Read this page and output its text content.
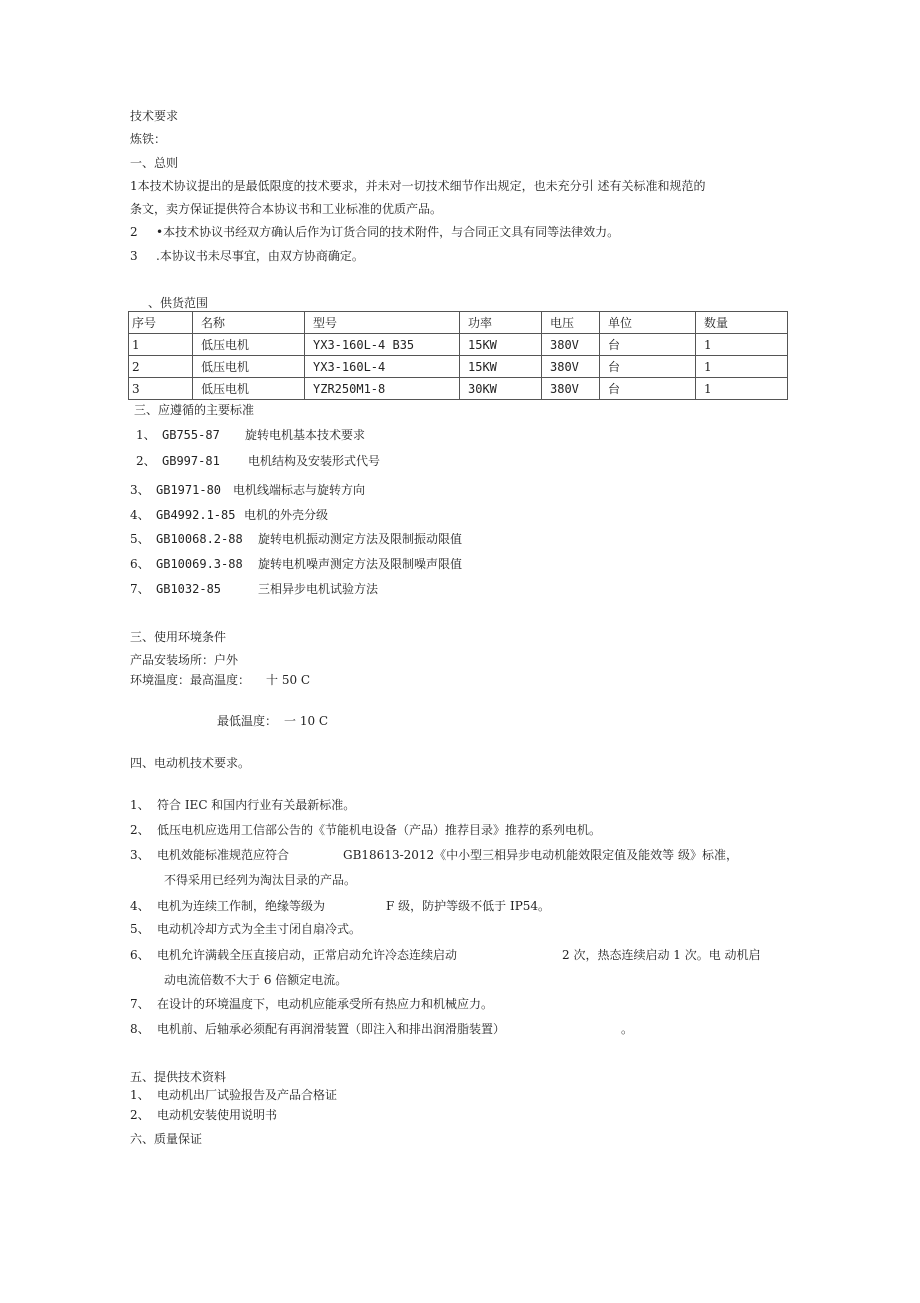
技术要求
炼铁：
一、总则
1本技术协议提出的是最低限度的技术要求，并未对一切技术细节作出规定，也未充分引 述有关标准和规范的
条文，卖方保证提供符合本协议书和工业标准的优质产品。
2 •本技术协议书经双方确认后作为订货合同的技术附件，与合同正文具有同等法律效力。
3 .本协议书未尽事宜，由双方协商确定。
、供货范围
序号	名称	型号	功率	电压	单位	数量
1	低压电机	YX3-160L-4 B35	15KW	380V	台	1
2	低压电机	YX3-160L-4	15KW	380V	台	1
3	低压电机	YZR250M1-8	30KW	380V	台	1
三、应遵循的主要标准
1、 GB755-87 旋转电机基本技术要求
2、 GB997-81 电机结构及安装形式代号
3、 GB1971-80 电机线端标志与旋转方向
4、 GB4992.1-85 电机的外壳分级
5、 GB10068.2-88 旋转电机振动测定方法及限制振动限值
6、 GB10069.3-88 旋转电机噪声测定方法及限制噪声限值
7、 GB1032-85	三相异步电机试验方法
三、使用环境条件
产品安装场所：户外
环境温度：最高温度： 十 50 C
最低温度： 一 10 C
四、电动机技术要求。
1、 符合 IEC 和国内行业有关最新标准。
2、 低压电机应选用工信部公告的《节能机电设备（产品）推荐目录》推荐的系列电机。
3、 电机效能标准规范应符合	GB18613-2012《中小型三相异步电动机能效限定值及能效等 级》标准，
不得采用已经列为淘汰目录的产品。
4、 电机为连续工作制，绝缘等级为	F 级，防护等级不低于 IP54。
5、 电动机冷却方式为全圭寸闭自扇冷式。
6、 电机允许满载全压直接启动，正常启动允许冷态连续启动	2 次，热态连续启动 1 次。电 动机启
动电流倍数不大于 6 倍额定电流。
7、 在设计的环境温度下，电动机应能承受所有热应力和机械应力。
8、 电机前、后轴承必须配有再润滑装置（即注入和排出润滑脂装置）	。
五、提供技术资料
1、 电动机出厂试验报告及产品合格证
2、 电动机安装使用说明书
六、质量保证
